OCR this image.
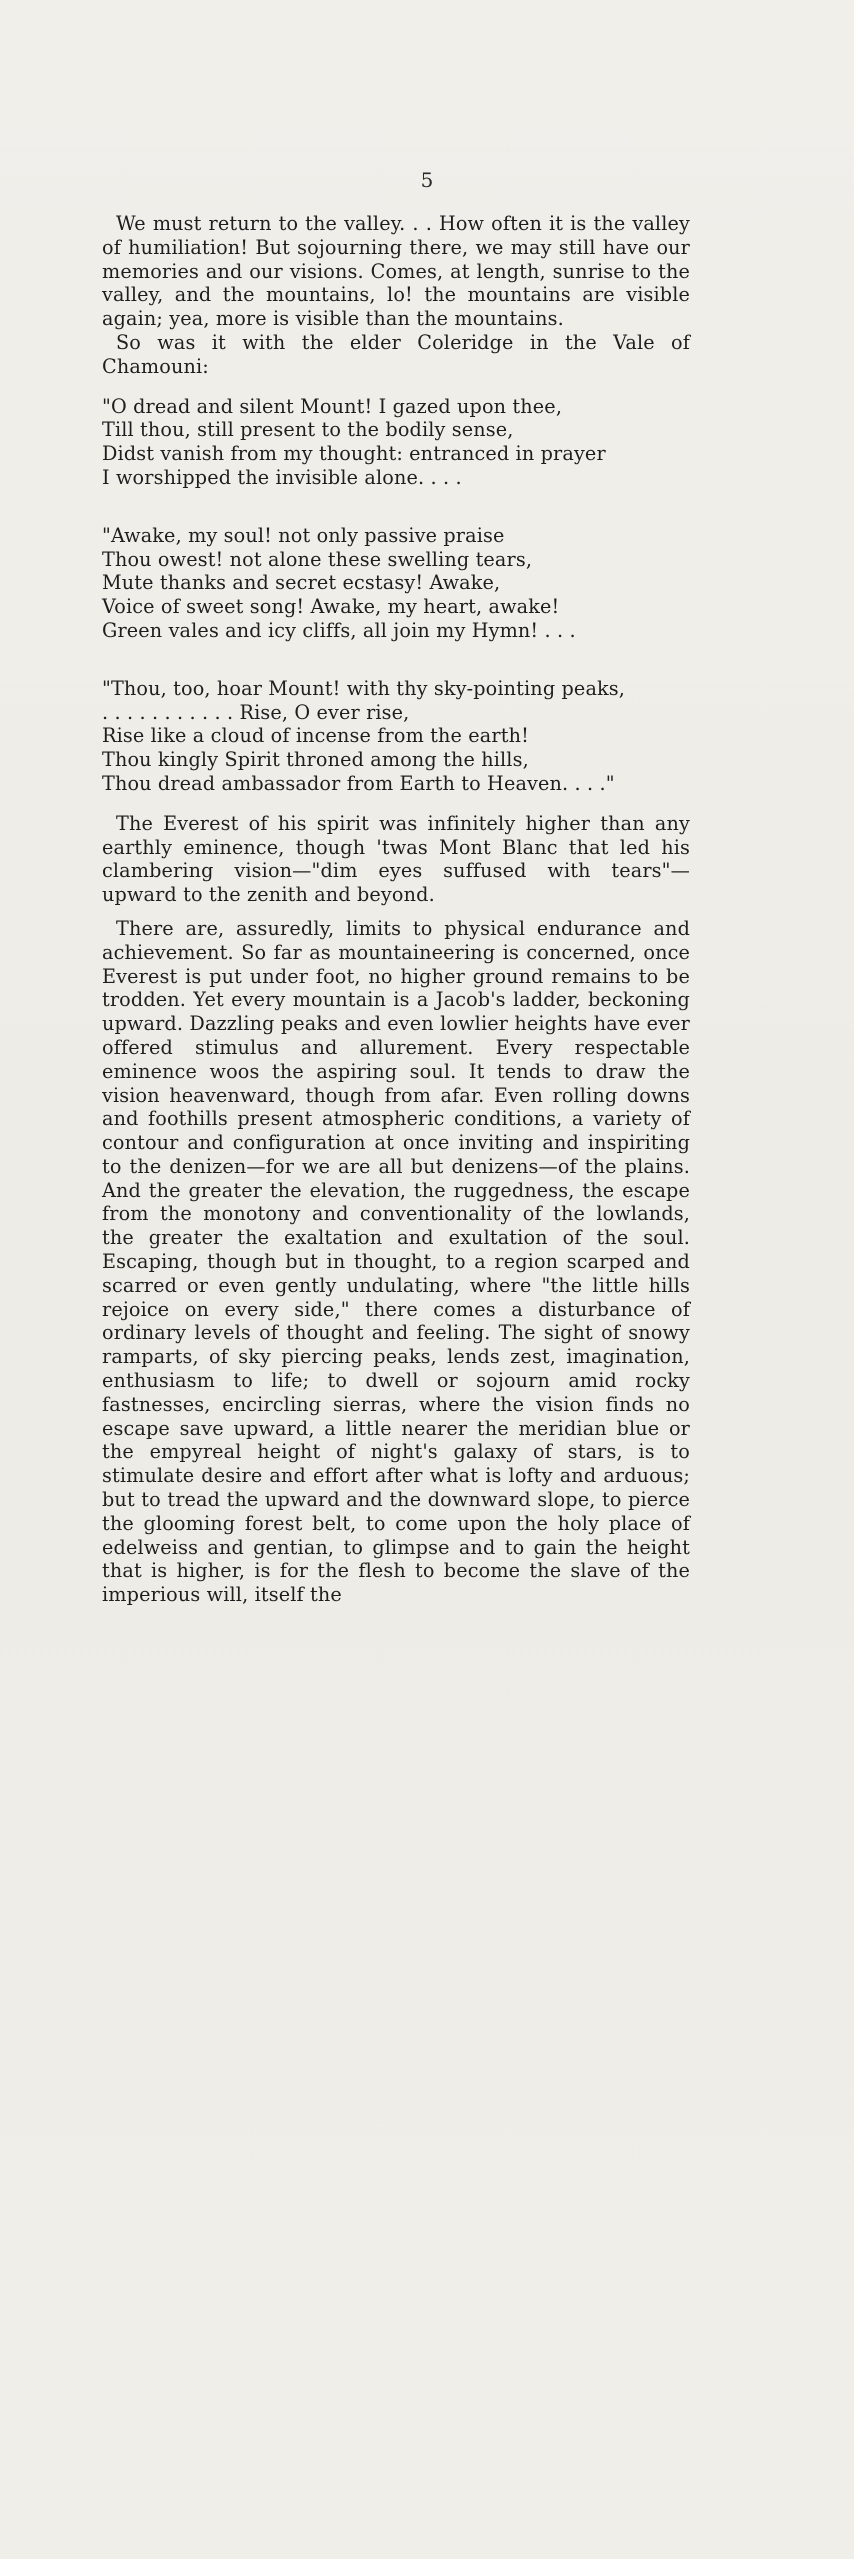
5

We must return to the valley. . . How often it is the valley of humiliation! But sojourning there, we may still have our memories and our visions. Comes, at length, sunrise to the valley, and the mountains, lo! the mountains are visible again; yea, more is visible than the mountains.

So was it with the elder Coleridge in the Vale of Chamouni:

"O dread and silent Mount! I gazed upon thee,
Till thou, still present to the bodily sense,
Didst vanish from my thought: entranced in prayer
I worshipped the invisible alone. . . .
"Awake, my soul! not only passive praise
Thou owest! not alone these swelling tears,
Mute thanks and secret ecstasy! Awake,
Voice of sweet song! Awake, my heart, awake!
Green vales and icy cliffs, all join my Hymn! . . .
"Thou, too, hoar Mount! with thy sky-pointing peaks,
. . . . . . . . . . . Rise, O ever rise,
Rise like a cloud of incense from the earth!
Thou kingly Spirit throned among the hills,
Thou dread ambassador from Earth to Heaven. . . ."

The Everest of his spirit was infinitely higher than any earthly eminence, though 'twas Mont Blanc that led his clambering vision—"dim eyes suffused with tears"—upward to the zenith and beyond.

There are, assuredly, limits to physical endurance and achievement. So far as mountaineering is concerned, once Everest is put under foot, no higher ground remains to be trodden. Yet every mountain is a Jacob's ladder, beckoning upward. Dazzling peaks and even lowlier heights have ever offered stimulus and allurement. Every respectable eminence woos the aspiring soul. It tends to draw the vision heavenward, though from afar. Even rolling downs and foothills present atmospheric conditions, a variety of contour and configuration at once inviting and inspiriting to the denizen—for we are all but denizens—of the plains. And the greater the elevation, the ruggedness, the escape from the monotony and conventionality of the lowlands, the greater the exaltation and exultation of the soul. Escaping, though but in thought, to a region scarped and scarred or even gently undulating, where "the little hills rejoice on every side," there comes a disturbance of ordinary levels of thought and feeling. The sight of snowy ramparts, of sky piercing peaks, lends zest, imagination, enthusiasm to life; to dwell or sojourn amid rocky fastnesses, encircling sierras, where the vision finds no escape save upward, a little nearer the meridian blue or the empyreal height of night's galaxy of stars, is to stimulate desire and effort after what is lofty and arduous; but to tread the upward and the downward slope, to pierce the glooming forest belt, to come upon the holy place of edelweiss and gentian, to glimpse and to gain the height that is higher, is for the flesh to become the slave of the imperious will, itself the
